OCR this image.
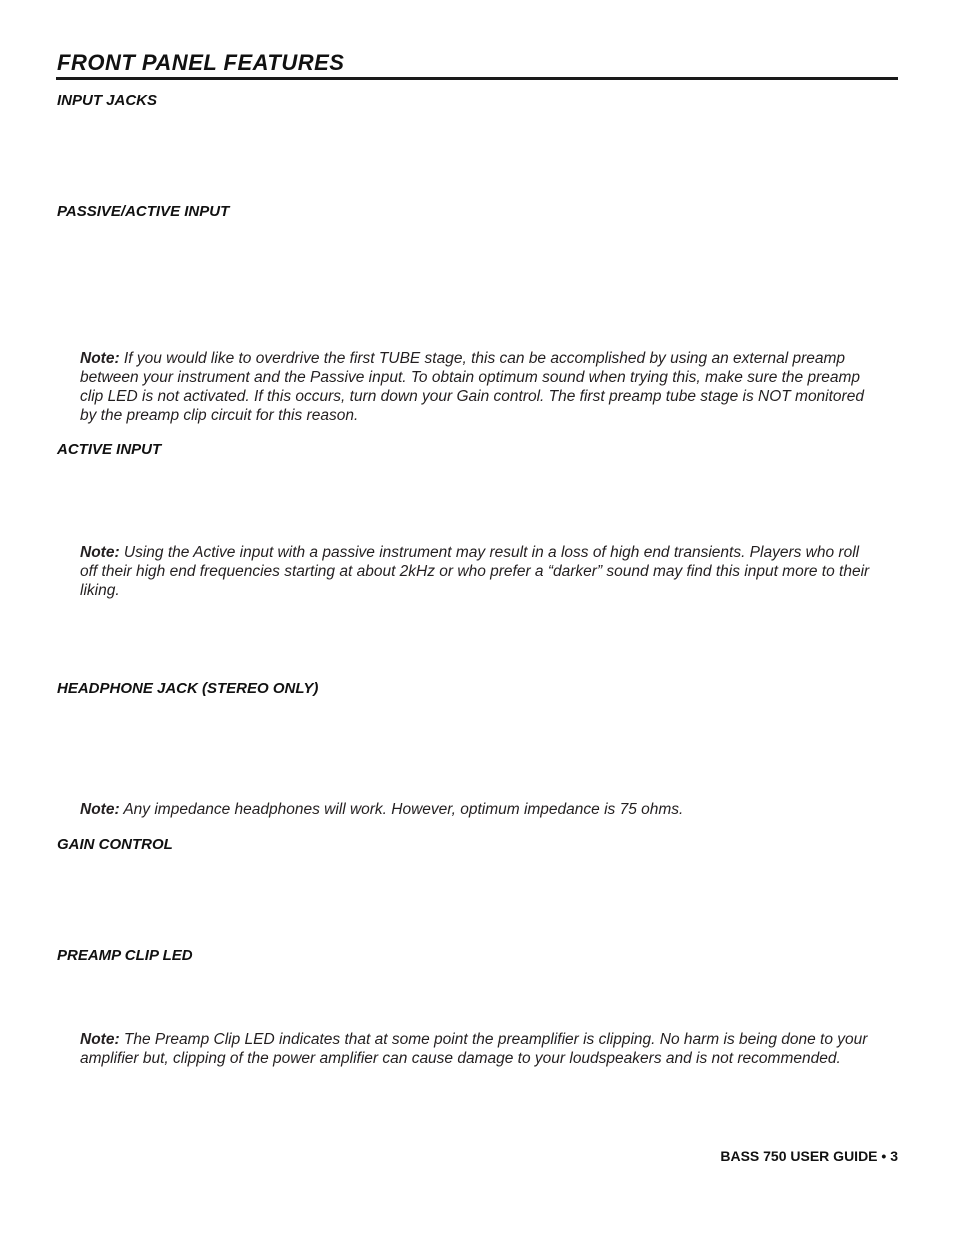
FRONT PANEL FEATURES
INPUT JACKS
PASSIVE/ACTIVE INPUT

Note: If you would like to overdrive the first TUBE stage, this can be accomplished by using an external preamp between your instrument and the Passive input. To obtain optimum sound when trying this, make sure the preamp clip LED is not activated. If this occurs, turn down your Gain control. The first preamp tube stage is NOT monitored by the preamp clip circuit for this reason.

ACTIVE INPUT

Note: Using the Active input with a passive instrument may result in a loss of high end transients. Players who roll off their high end frequencies starting at about 2kHz or who prefer a “darker” sound may find this input more to their liking.

HEADPHONE JACK (STEREO ONLY)

Note: Any impedance headphones will work. However, optimum impedance is 75 ohms.

GAIN CONTROL
PREAMP CLIP LED

Note: The Preamp Clip LED indicates that at some point the preamplifier is clipping. No harm is being done to your amplifier but, clipping of the power amplifier can cause damage to your loudspeakers and is not recommended.

BASS 750 USER GUIDE • 3
